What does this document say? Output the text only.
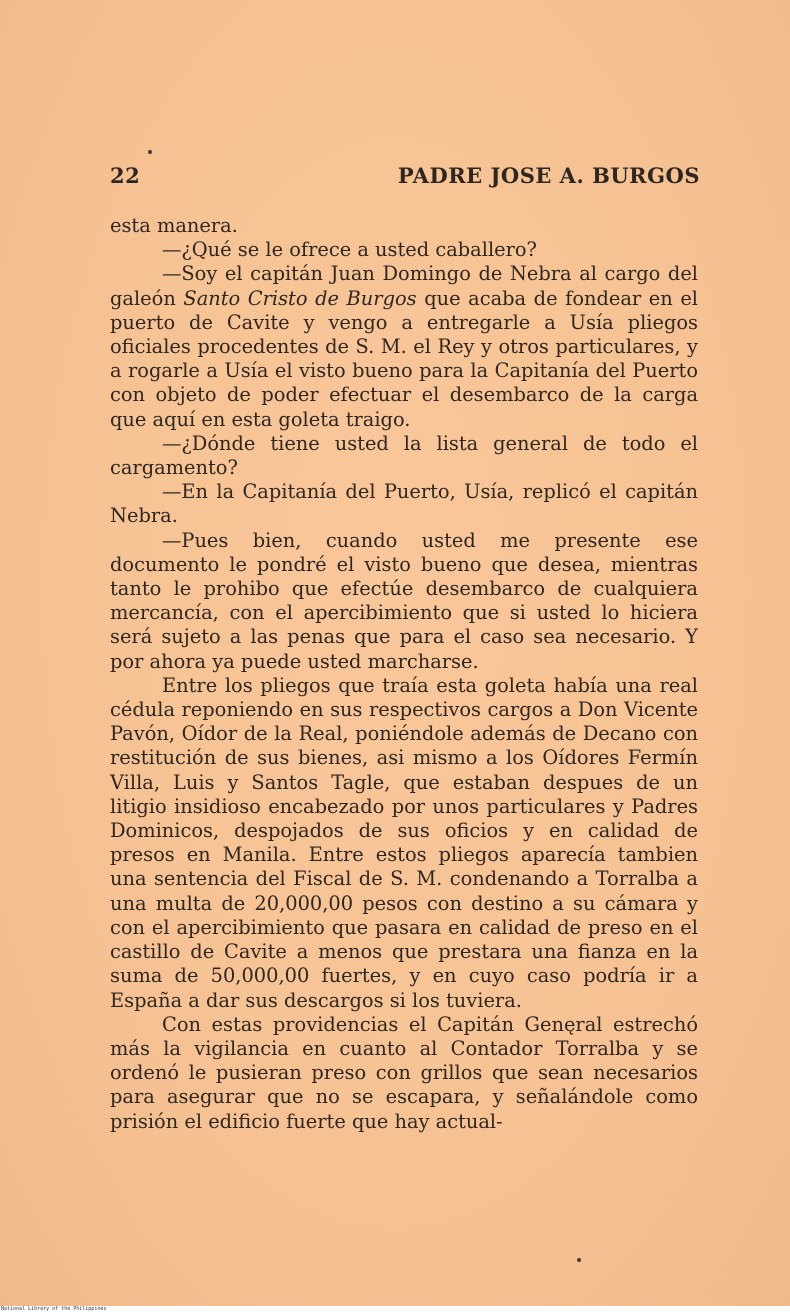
22	PADRE JOSE A. BURGOS

esta manera.

—¿Qué se le ofrece a usted caballero?

—Soy el capitán Juan Domingo de Nebra al cargo del galeón Santo Cristo de Burgos que acaba de fondear en el puerto de Cavite y vengo a entregarle a Usía pliegos oficiales procedentes de S. M. el Rey y otros particulares, y a rogarle a Usía el visto bueno para la Capitanía del Puerto con objeto de poder efectuar el desembarco de la carga que aquí en esta goleta traigo.

—¿Dónde tiene usted la lista general de todo el cargamento?

—En la Capitanía del Puerto, Usía, replicó el capitán Nebra.

—Pues bien, cuando usted me presente ese documento le pondré el visto bueno que desea, mientras tanto le prohibo que efectúe desembarco de cualquiera mercancía, con el apercibimiento que si usted lo hiciera será sujeto a las penas que para el caso sea necesario. Y por ahora ya puede usted marcharse.

Entre los pliegos que traía esta goleta había una real cédula reponiendo en sus respectivos cargos a Don Vicente Pavón, Oídor de la Real, poniéndole además de Decano con restitución de sus bienes, asi mismo a los Oídores Fermín Villa, Luis y Santos Tagle, que estaban despues de un litigio insidioso encabezado por unos particulares y Padres Dominicos, despojados de sus oficios y en calidad de presos en Manila. Entre estos pliegos aparecía tambien una sentencia del Fiscal de S. M. condenando a Torralba a una multa de 20,000,00 pesos con destino a su cámara y con el apercibimiento que pasara en calidad de preso en el castillo de Cavite a menos que prestara una fianza en la suma de 50,000,00 fuertes, y en cuyo caso podría ir a España a dar sus descargos si los tuviera.

Con estas providencias el Capitán Genęral estrechó más la vigilancia en cuanto al Contador Torralba y se ordenó le pusieran preso con grillos que sean necesarios para asegurar que no se escapara, y señalándole como prisión el edificio fuerte que hay actual-

National Library of the Philippines
